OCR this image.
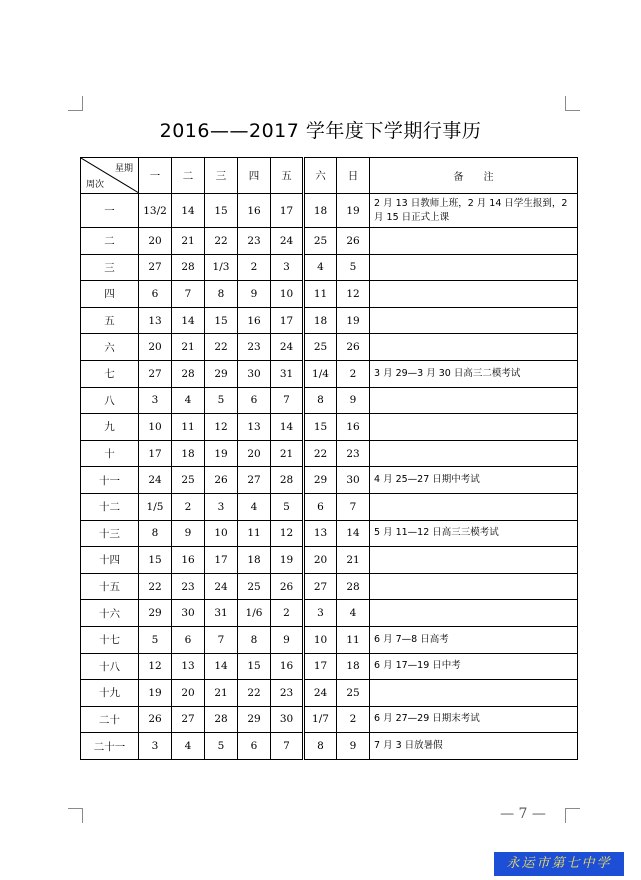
2016——2017 学年度下学期行事历
星期
周次	一	二	三	四	五	六	日	备注
一	13/2	14	15	16	17	18	19	2 月 13 日教师上班，2 月 14 日学生报到，2 月 15 日正式上课
二	20	21	22	23	24	25	26	
三	27	28	1/3	2	3	4	5	
四	6	7	8	9	10	11	12	
五	13	14	15	16	17	18	19	
六	20	21	22	23	24	25	26	
七	27	28	29	30	31	1/4	2	3 月 29—3 月 30 日高三二模考试
八	3	4	5	6	7	8	9	
九	10	11	12	13	14	15	16	
十	17	18	19	20	21	22	23	
十一	24	25	26	27	28	29	30	4 月 25—27 日期中考试
十二	1/5	2	3	4	5	6	7	
十三	8	9	10	11	12	13	14	5 月 11—12 日高三三模考试
十四	15	16	17	18	19	20	21	
十五	22	23	24	25	26	27	28	
十六	29	30	31	1/6	2	3	4	
十七	5	6	7	8	9	10	11	6 月 7—8 日高考
十八	12	13	14	15	16	17	18	6 月 17—19 日中考
十九	19	20	21	22	23	24	25	
二十	26	27	28	29	30	1/7	2	6 月 27—29 日期末考试
二十一	3	4	5	6	7	8	9	7 月 3 日放暑假
— 7 —
永运市第七中学
